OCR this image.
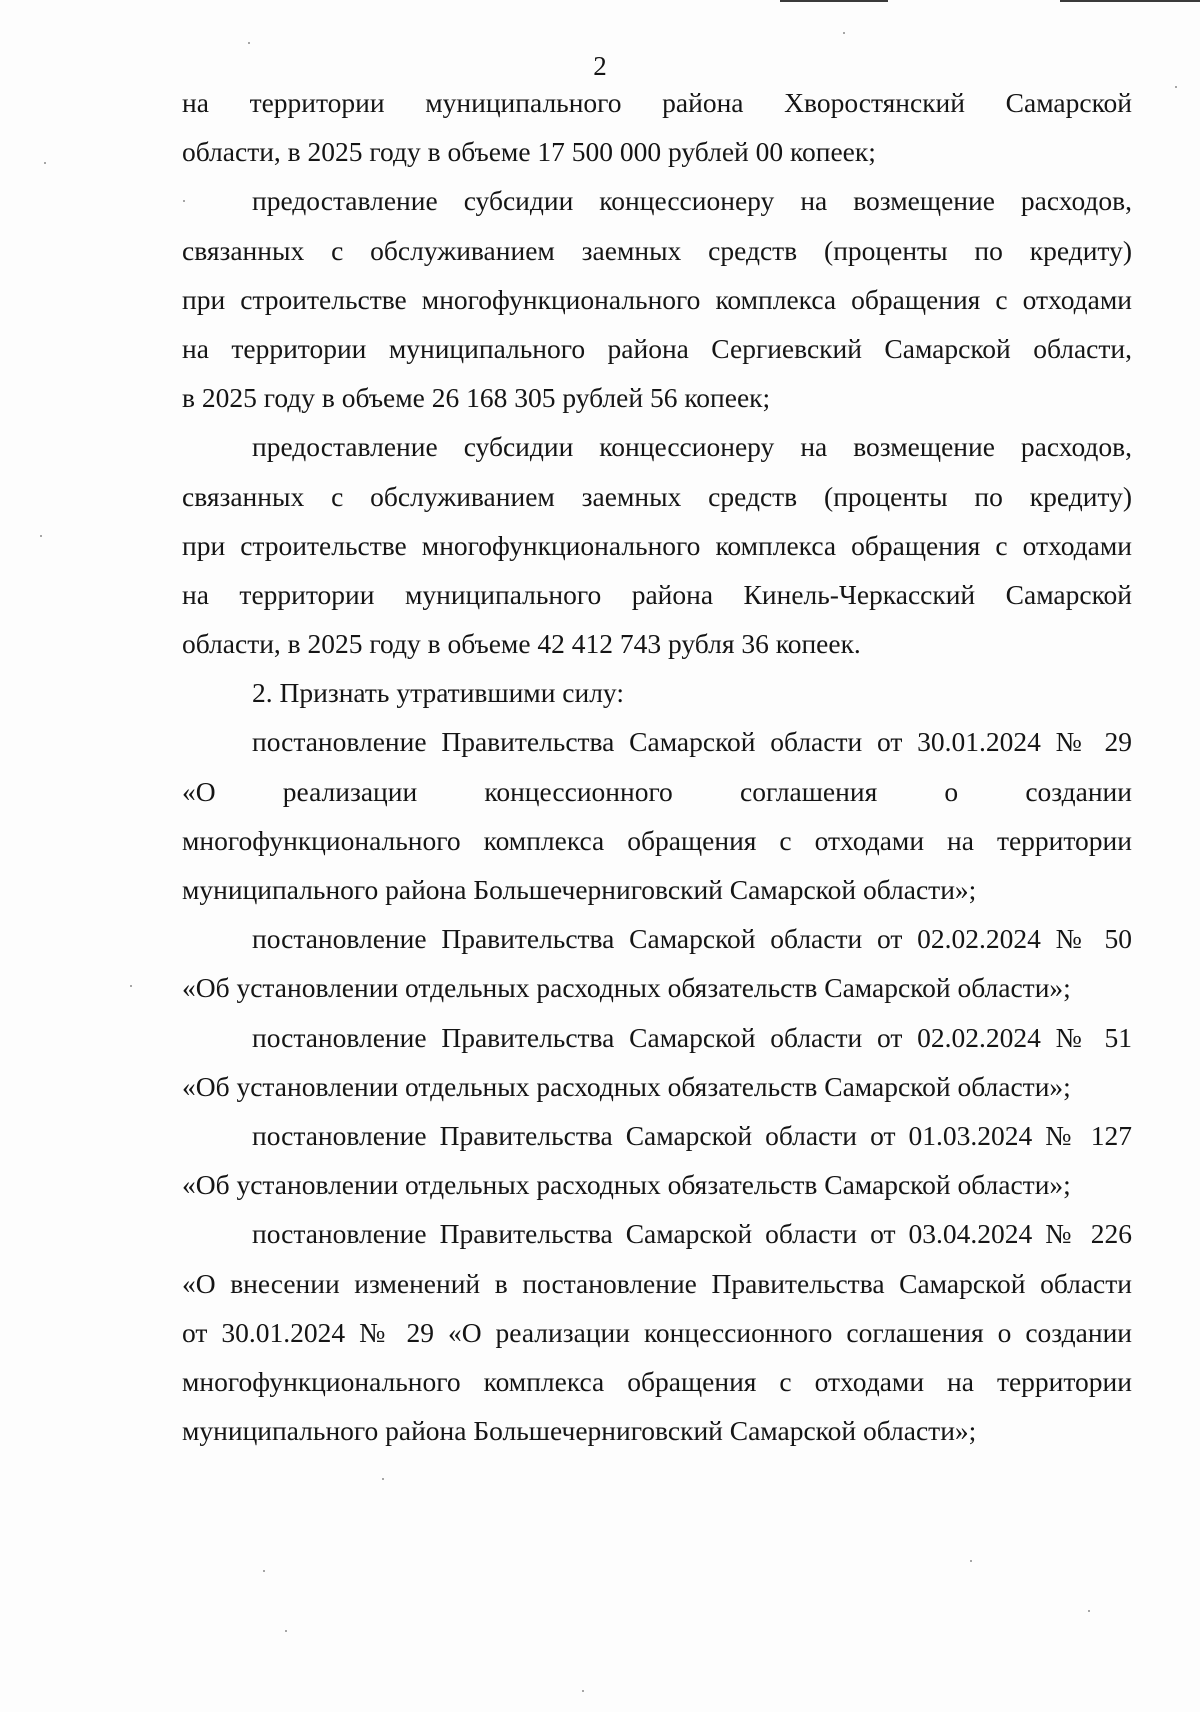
2
на территории муниципального района Хворостянский Самарской
области, в 2025 году в объеме 17 500 000 рублей 00 копеек;
предоставление субсидии концессионеру на возмещение расходов,
связанных с обслуживанием заемных средств (проценты по кредиту)
при строительстве многофункционального комплекса обращения с отходами
на территории муниципального района Сергиевский Самарской области,
в 2025 году в объеме 26 168 305 рублей 56 копеек;
предоставление субсидии концессионеру на возмещение расходов,
связанных с обслуживанием заемных средств (проценты по кредиту)
при строительстве многофункционального комплекса обращения с отходами
на территории муниципального района Кинель-Черкасский Самарской
области, в 2025 году в объеме 42 412 743 рубля 36 копеек.
2. Признать утратившими силу:
постановление Правительства Самарской области от 30.01.2024 № 29
«О реализации концессионного соглашения о создании
многофункционального комплекса обращения с отходами на территории
муниципального района Большечерниговский Самарской области»;
постановление Правительства Самарской области от 02.02.2024 № 50
«Об установлении отдельных расходных обязательств Самарской области»;
постановление Правительства Самарской области от 02.02.2024 № 51
«Об установлении отдельных расходных обязательств Самарской области»;
постановление Правительства Самарской области от 01.03.2024 № 127
«Об установлении отдельных расходных обязательств Самарской области»;
постановление Правительства Самарской области от 03.04.2024 № 226
«О внесении изменений в постановление Правительства Самарской области
от 30.01.2024 № 29 «О реализации концессионного соглашения о создании
многофункционального комплекса обращения с отходами на территории
муниципального района Большечерниговский Самарской области»;
